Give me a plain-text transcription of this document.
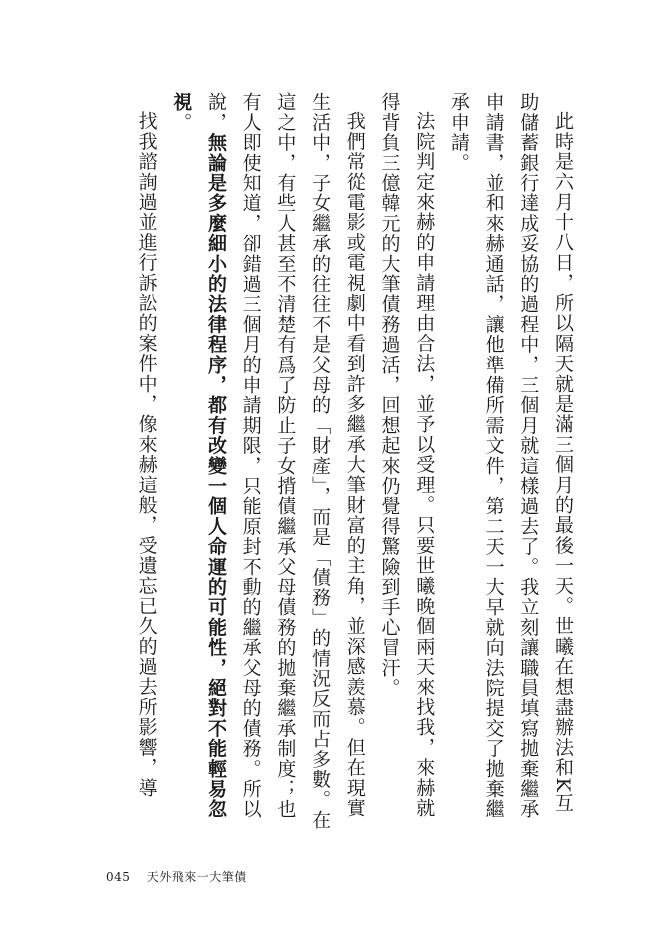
此時是六月十八日，所以隔天就是滿三個月的最後一天。世曦在想盡辦法和K互助儲蓄銀行達成妥協的過程中，三個月就這樣過去了。我立刻讓職員填寫拋棄繼承申請書，並和來赫通話，讓他準備所需文件，第二天一大早就向法院提交了拋棄繼承申請。

法院判定來赫的申請理由合法，並予以受理。只要世曦晚個兩天來找我，來赫就得背負三億韓元的大筆債務過活，回想起來仍覺得驚險到手心冒汗。

我們常從電影或電視劇中看到許多繼承大筆財富的主角，並深感羨慕。但在現實生活中，子女繼承的往往不是父母的「財產」，而是「債務」的情況反而占多數。在這之中，有些人甚至不清楚有爲了防止子女揹債繼承父母債務的拋棄繼承制度；也有人即使知道，卻錯過三個月的申請期限，只能原封不動的繼承父母的債務。所以說，無論是多麼細小的法律程序，都有改變一個人命運的可能性，絕對不能輕易忽視。

找我諮詢過並進行訴訟的案件中，像來赫這般，受遺忘已久的過去所影響，導

045 天外飛來一大筆債
